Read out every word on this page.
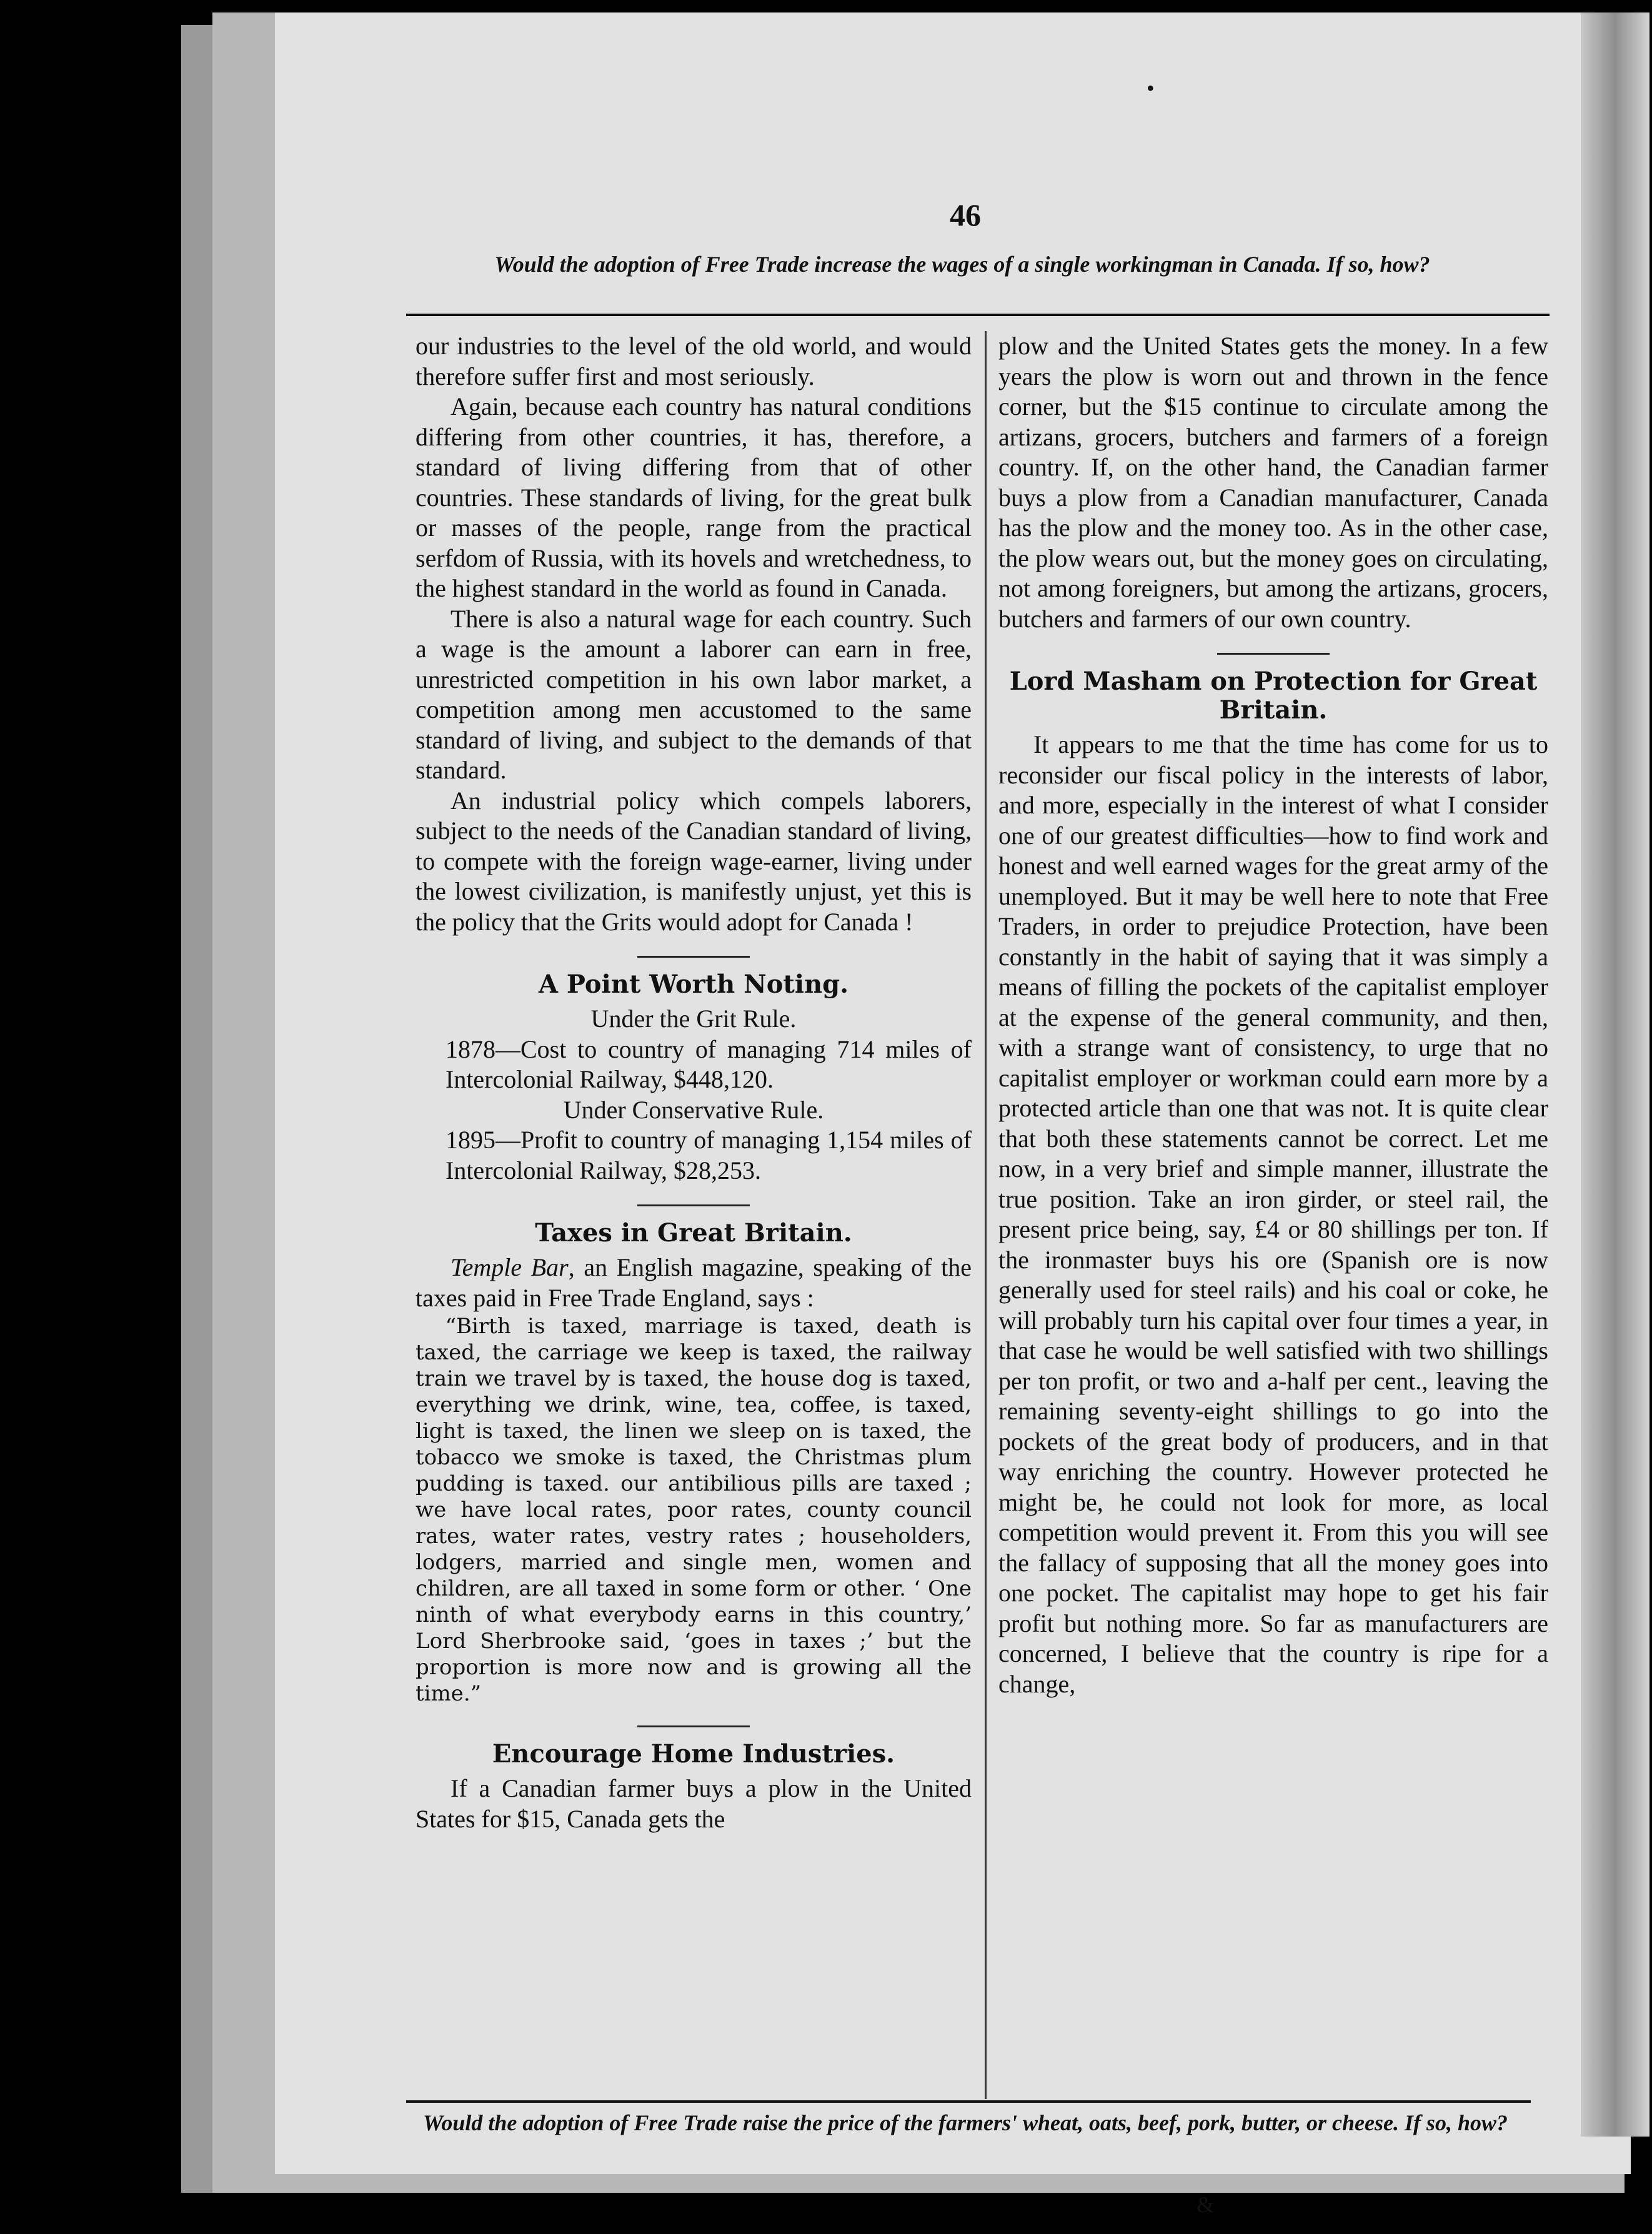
•
46
Would the adoption of Free Trade increase the wages of a single workingman in Canada. If so, how?

our industries to the level of the old world, and would therefore suffer first and most seriously.

Again, because each country has natural conditions differing from other countries, it has, therefore, a standard of living differing from that of other countries. These standards of living, for the great bulk or masses of the people, range from the practical serfdom of Russia, with its hovels and wretchedness, to the highest standard in the world as found in Canada.

There is also a natural wage for each country. Such a wage is the amount a laborer can earn in free, unrestricted competition in his own labor market, a competition among men accustomed to the same standard of living, and subject to the demands of that standard.

An industrial policy which compels laborers, subject to the needs of the Canadian standard of living, to compete with the foreign wage-earner, living under the lowest civilization, is manifestly unjust, yet this is the policy that the Grits would adopt for Canada !

A Point Worth Noting.

Under the Grit Rule.

1878—Cost to country of managing 714 miles of Intercolonial Railway, $448,120.

Under Conservative Rule.

1895—Profit to country of managing 1,154 miles of Intercolonial Railway, $28,253.

Taxes in Great Britain.

Temple Bar, an English magazine, speaking of the taxes paid in Free Trade England, says :

“Birth is taxed, marriage is taxed, death is taxed, the carriage we keep is taxed, the railway train we travel by is taxed, the house dog is taxed, everything we drink, wine, tea, coffee, is taxed, light is taxed, the linen we sleep on is taxed, the tobacco we smoke is taxed, the Christmas plum pudding is taxed. our antibilious pills are taxed ; we have local rates, poor rates, county council rates, water rates, vestry rates ; householders, lodgers, married and single men, women and children, are all taxed in some form or other. ‘ One ninth of what everybody earns in this country,’ Lord Sherbrooke said, ‘goes in taxes ;’ but the proportion is more now and is growing all the time.”

Encourage Home Industries.

If a Canadian farmer buys a plow in the United States for $15, Canada gets the

plow and the United States gets the money. In a few years the plow is worn out and thrown in the fence corner, but the $15 continue to circulate among the artizans, grocers, butchers and farmers of a foreign country. If, on the other hand, the Canadian farmer buys a plow from a Canadian manufacturer, Canada has the plow and the money too. As in the other case, the plow wears out, but the money goes on circulating, not among foreigners, but among the artizans, grocers, butchers and farmers of our own country.

Lord Masham on Protection for Great Britain.

It appears to me that the time has come for us to reconsider our fiscal policy in the interests of labor, and more, especially in the interest of what I consider one of our greatest difficulties—how to find work and honest and well earned wages for the great army of the unemployed. But it may be well here to note that Free Traders, in order to prejudice Protection, have been constantly in the habit of saying that it was simply a means of filling the pockets of the capitalist employer at the expense of the general community, and then, with a strange want of consistency, to urge that no capitalist employer or workman could earn more by a protected article than one that was not. It is quite clear that both these statements cannot be correct. Let me now, in a very brief and simple manner, illustrate the true position. Take an iron girder, or steel rail, the present price being, say, £4 or 80 shillings per ton. If the ironmaster buys his ore (Spanish ore is now generally used for steel rails) and his coal or coke, he will probably turn his capital over four times a year, in that case he would be well satisfied with two shillings per ton profit, or two and a-half per cent., leaving the remaining seventy-eight shillings to go into the pockets of the great body of producers, and in that way enriching the country. However protected he might be, he could not look for more, as local competition would prevent it. From this you will see the fallacy of supposing that all the money goes into one pocket. The capitalist may hope to get his fair profit but nothing more. So far as manufacturers are concerned, I believe that the country is ripe for a change,

Would the adoption of Free Trade raise the price of the farmers' wheat, oats, beef, pork, butter, or cheese. If so, how?
&
